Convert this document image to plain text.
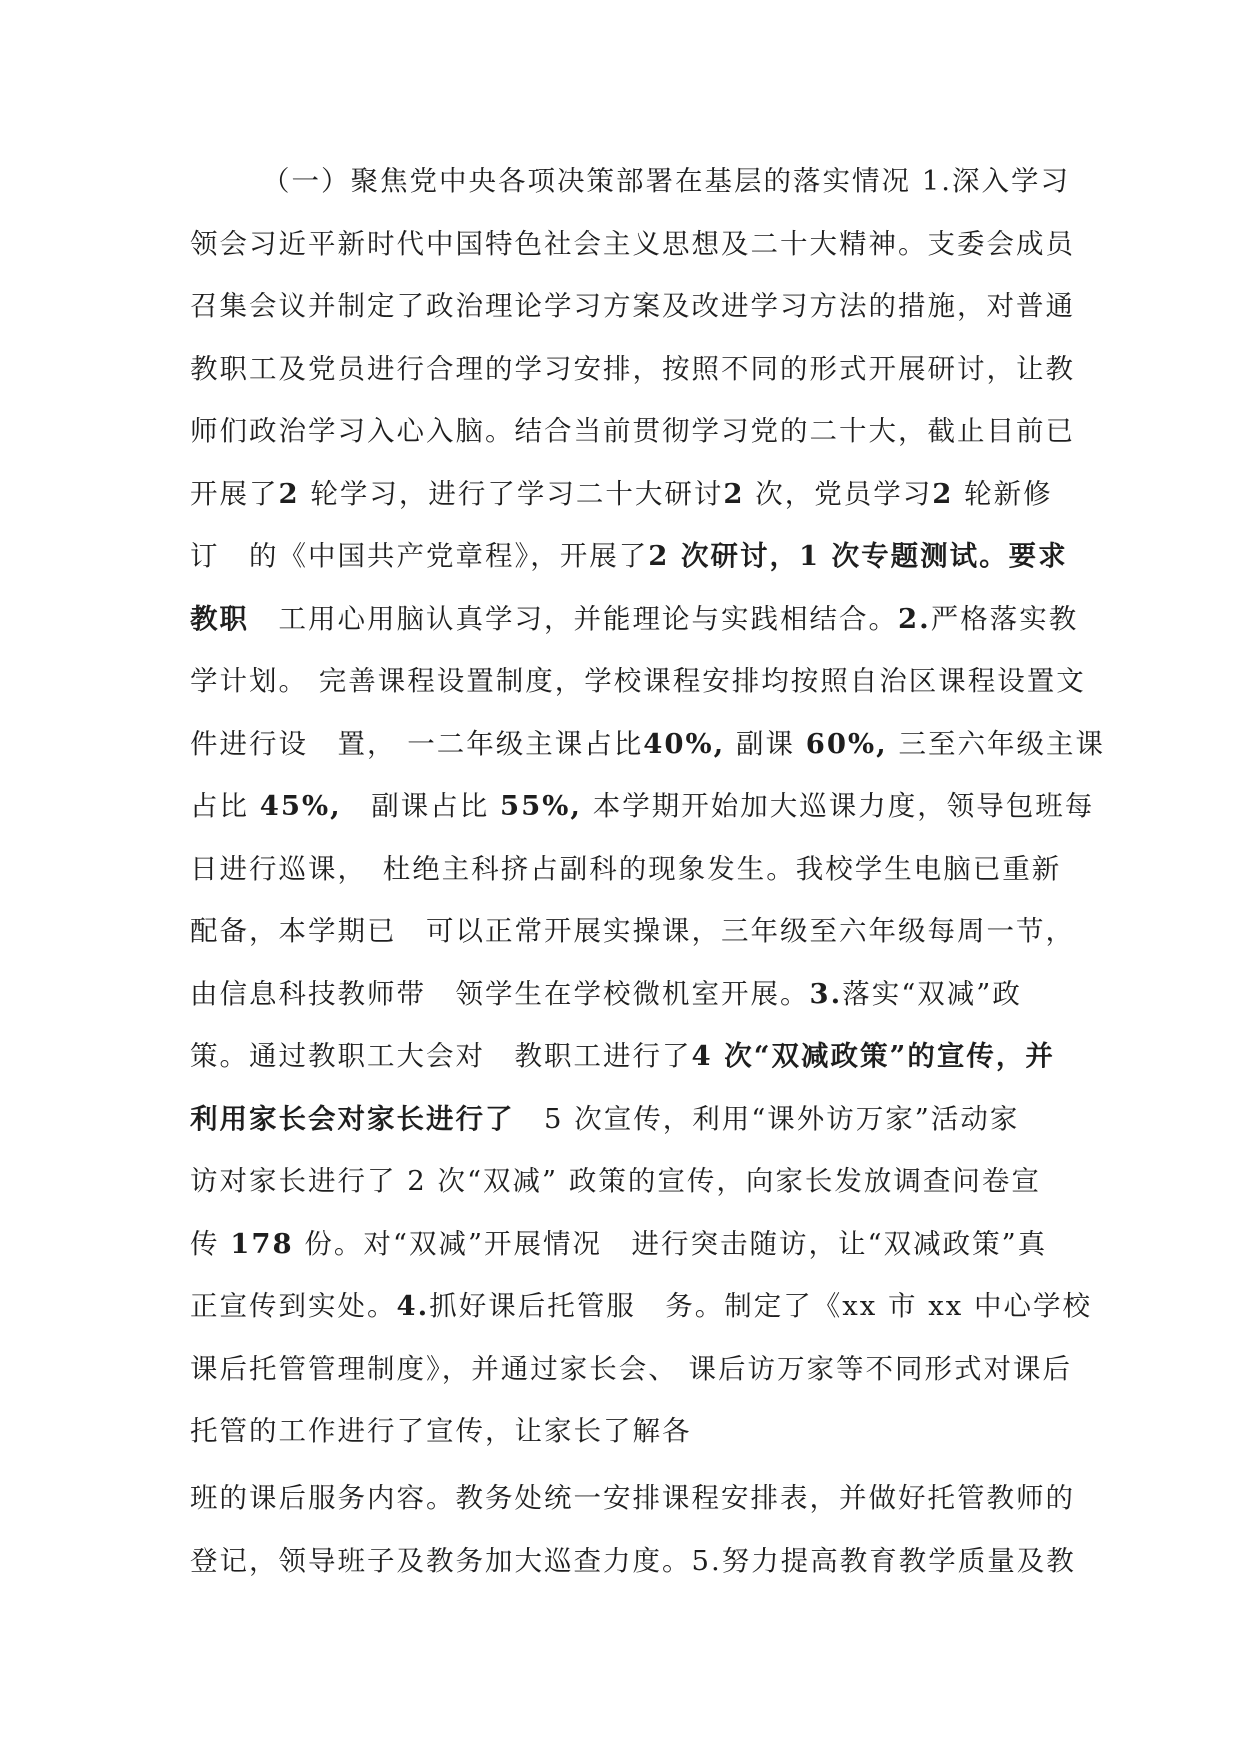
（一）聚焦党中央各项决策部署在基层的落实情况 1.深入学习
领会习近平新时代中国特色社会主义思想及二十大精神。支委会成员
召集会议并制定了政治理论学习方案及改进学习方法的措施，对普通
教职工及党员进行合理的学习安排，按照不同的形式开展研讨，让教
师们政治学习入心入脑。结合当前贯彻学习党的二十大，截止目前已
开展了2 轮学习，进行了学习二十大研讨2 次，党员学习2 轮新修
订　的《中国共产党章程》，开展了2 次研讨，1 次专题测试。要求
教职　工用心用脑认真学习，并能理论与实践相结合。2.严格落实教
学计划。 完善课程设置制度，学校课程安排均按照自治区课程设置文
件进行设　置， 一二年级主课占比40%, 副课 60%, 三至六年级主课
占比 45%,　副课占比 55%, 本学期开始加大巡课力度，领导包班每
日进行巡课，　杜绝主科挤占副科的现象发生。我校学生电脑已重新
配备，本学期已　可以正常开展实操课，三年级至六年级每周一节，
由信息科技教师带　领学生在学校微机室开展。3.落实“双减”政
策。通过教职工大会对　教职工进行了4 次“双减政策”的宣传，并
利用家长会对家长进行了　5 次宣传，利用“课外访万家”活动家
访对家长进行了 2 次“双减” 政策的宣传，向家长发放调查问卷宣
传 178 份。对“双减”开展情况　进行突击随访，让“双减政策”真
正宣传到实处。4.抓好课后托管服　务。制定了《xx 市 xx 中心学校
课后托管管理制度》，并通过家长会、 课后访万家等不同形式对课后
托管的工作进行了宣传，让家长了解各
班的课后服务内容。教务处统一安排课程安排表，并做好托管教师的
登记，领导班子及教务加大巡查力度。5.努力提高教育教学质量及教
